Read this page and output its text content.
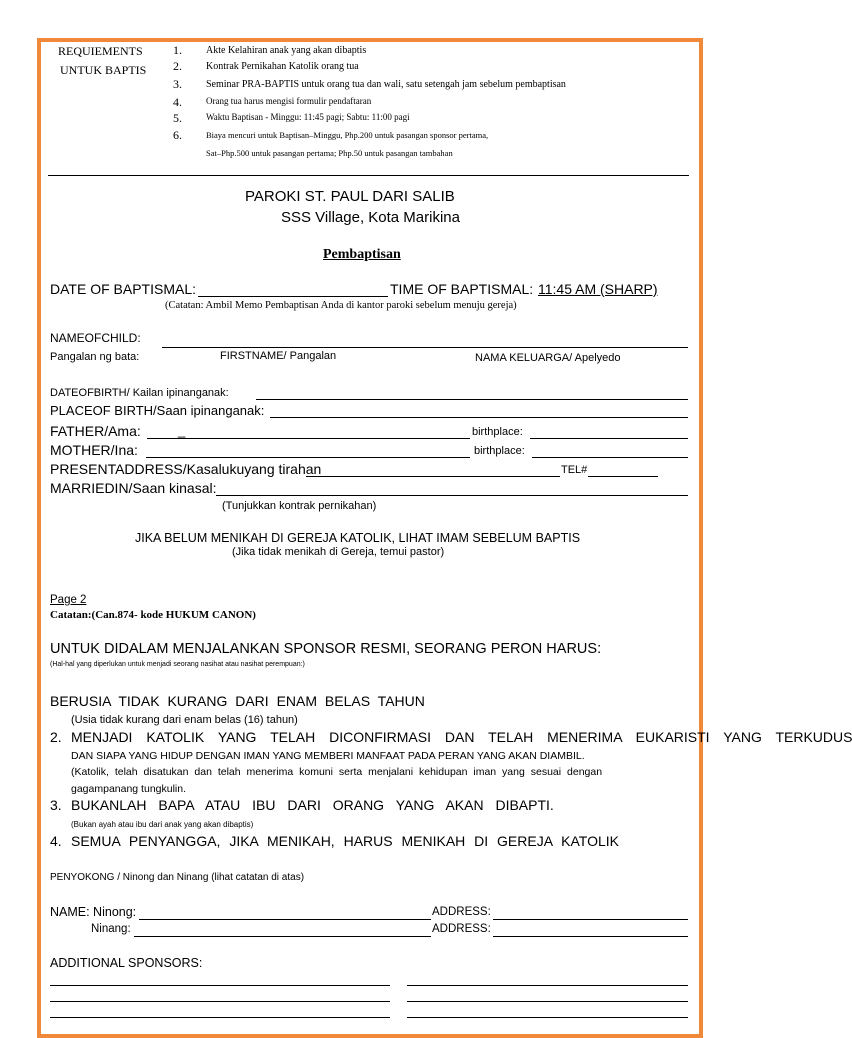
REQUIEMENTS
UNTUK BAPTIS
1. Akte Kelahiran anak yang akan dibaptis
2. Kontrak Pernikahan Katolik orang tua
3. Seminar PRA-BAPTIS untuk orang tua dan wali, satu setengah jam sebelum pembaptisan
4.	Orang tua harus mengisi formulir pendaftaran
5.	Waktu Baptisan - Minggu: 11:45 pagi; Sabtu: 11:00 pagi
6.	Biaya mencuri untuk Baptisan–Minggu, Php.200 untuk pasangan sponsor pertama,
Sat–Php.500 untuk pasangan pertama; Php.50 untuk pasangan tambahan
PAROKI ST. PAUL DARI SALIB
SSS Village, Kota Marikina
Pembaptisan
DATE OF BAPTISMAL:	TIME OF BAPTISMAL: 11:45 AM (SHARP)
(Catatan: Ambil Memo Pembaptisan Anda di kantor paroki sebelum menuju gereja)
NAMEOFCHILD:
Pangalan ng bata:	FIRSTNAME/ Pangalan	NAMA KELUARGA/ Apelyedo
DATEOFBIRTH/ Kailan ipinanganak:
PLACEOF BIRTH/Saan ipinanganak:
FATHER/Ama:	_	birthplace:
MOTHER/Ina:	birthplace:
PRESENTADDRESS/Kasalukuyang tirahan	TEL#
MARRIEDIN/Saan kinasal:
(Tunjukkan kontrak pernikahan)
JIKA BELUM MENIKAH DI GEREJA KATOLIK, LIHAT IMAM SEBELUM BAPTIS
(Jika tidak menikah di Gereja, temui pastor)
Page 2
Catatan:(Can.874- kode HUKUM CANON)
UNTUK DIDALAM MENJALANKAN SPONSOR RESMI, SEORANG PERON HARUS:
(Hal-hal yang diperlukan untuk menjadi seorang nasihat atau nasihat perempuan:)
BERUSIA TIDAK KURANG DARI ENAM BELAS TAHUN
(Usia tidak kurang dari enam belas (16) tahun)
2. MENJADI KATOLIK YANG TELAH DICONFIRMASI DAN TELAH MENERIMA EUKARISTI YANG TERKUDUS
DAN SIAPA YANG HIDUP DENGAN IMAN YANG MEMBERI MANFAAT PADA PERAN YANG AKAN DIAMBIL.
(Katolik, telah disatukan dan telah menerima komuni serta menjalani kehidupan iman yang sesuai dengan
gagampanang tungkulin.
3. BUKANLAH BAPA ATAU IBU DARI ORANG YANG AKAN DIBAPTI.
(Bukan ayah atau ibu dari anak yang akan dibaptis)
4. SEMUA PENYANGGA, JIKA MENIKAH, HARUS MENIKAH DI GEREJA KATOLIK
PENYOKONG / Ninong dan Ninang (lihat catatan di atas)
NAME: Ninong:	ADDRESS:
Ninang:	ADDRESS:
ADDITIONAL SPONSORS:
